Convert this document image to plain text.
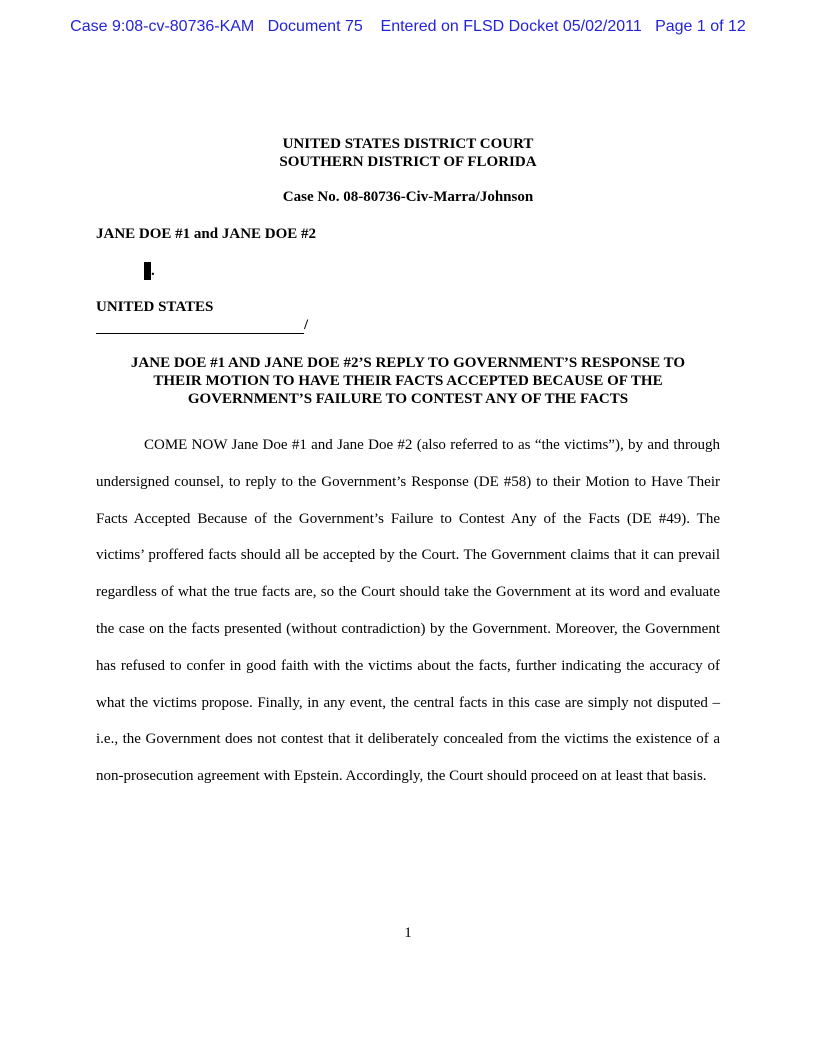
Case 9:08-cv-80736-KAM   Document 75    Entered on FLSD Docket 05/02/2011   Page 1 of 12
UNITED STATES DISTRICT COURT
SOUTHERN DISTRICT OF FLORIDA
Case No. 08-80736-Civ-Marra/Johnson
JANE DOE #1 and JANE DOE #2
.
UNITED STATES
/
JANE DOE #1 AND JANE DOE #2’S REPLY TO GOVERNMENT’S RESPONSE TO
THEIR MOTION TO HAVE THEIR FACTS ACCEPTED BECAUSE OF THE
GOVERNMENT’S FAILURE TO CONTEST ANY OF THE FACTS

COME NOW Jane Doe #1 and Jane Doe #2 (also referred to as “the victims”), by and through undersigned counsel, to reply to the Government’s Response (DE #58) to their Motion to Have Their Facts Accepted Because of the Government’s Failure to Contest Any of the Facts (DE #49). The victims’ proffered facts should all be accepted by the Court. The Government claims that it can prevail regardless of what the true facts are, so the Court should take the Government at its word and evaluate the case on the facts presented (without contradiction) by the Government. Moreover, the Government has refused to confer in good faith with the victims about the facts, further indicating the accuracy of what the victims propose. Finally, in any event, the central facts in this case are simply not disputed – i.e., the Government does not contest that it deliberately concealed from the victims the existence of a non-prosecution agreement with Epstein. Accordingly, the Court should proceed on at least that basis.

1
